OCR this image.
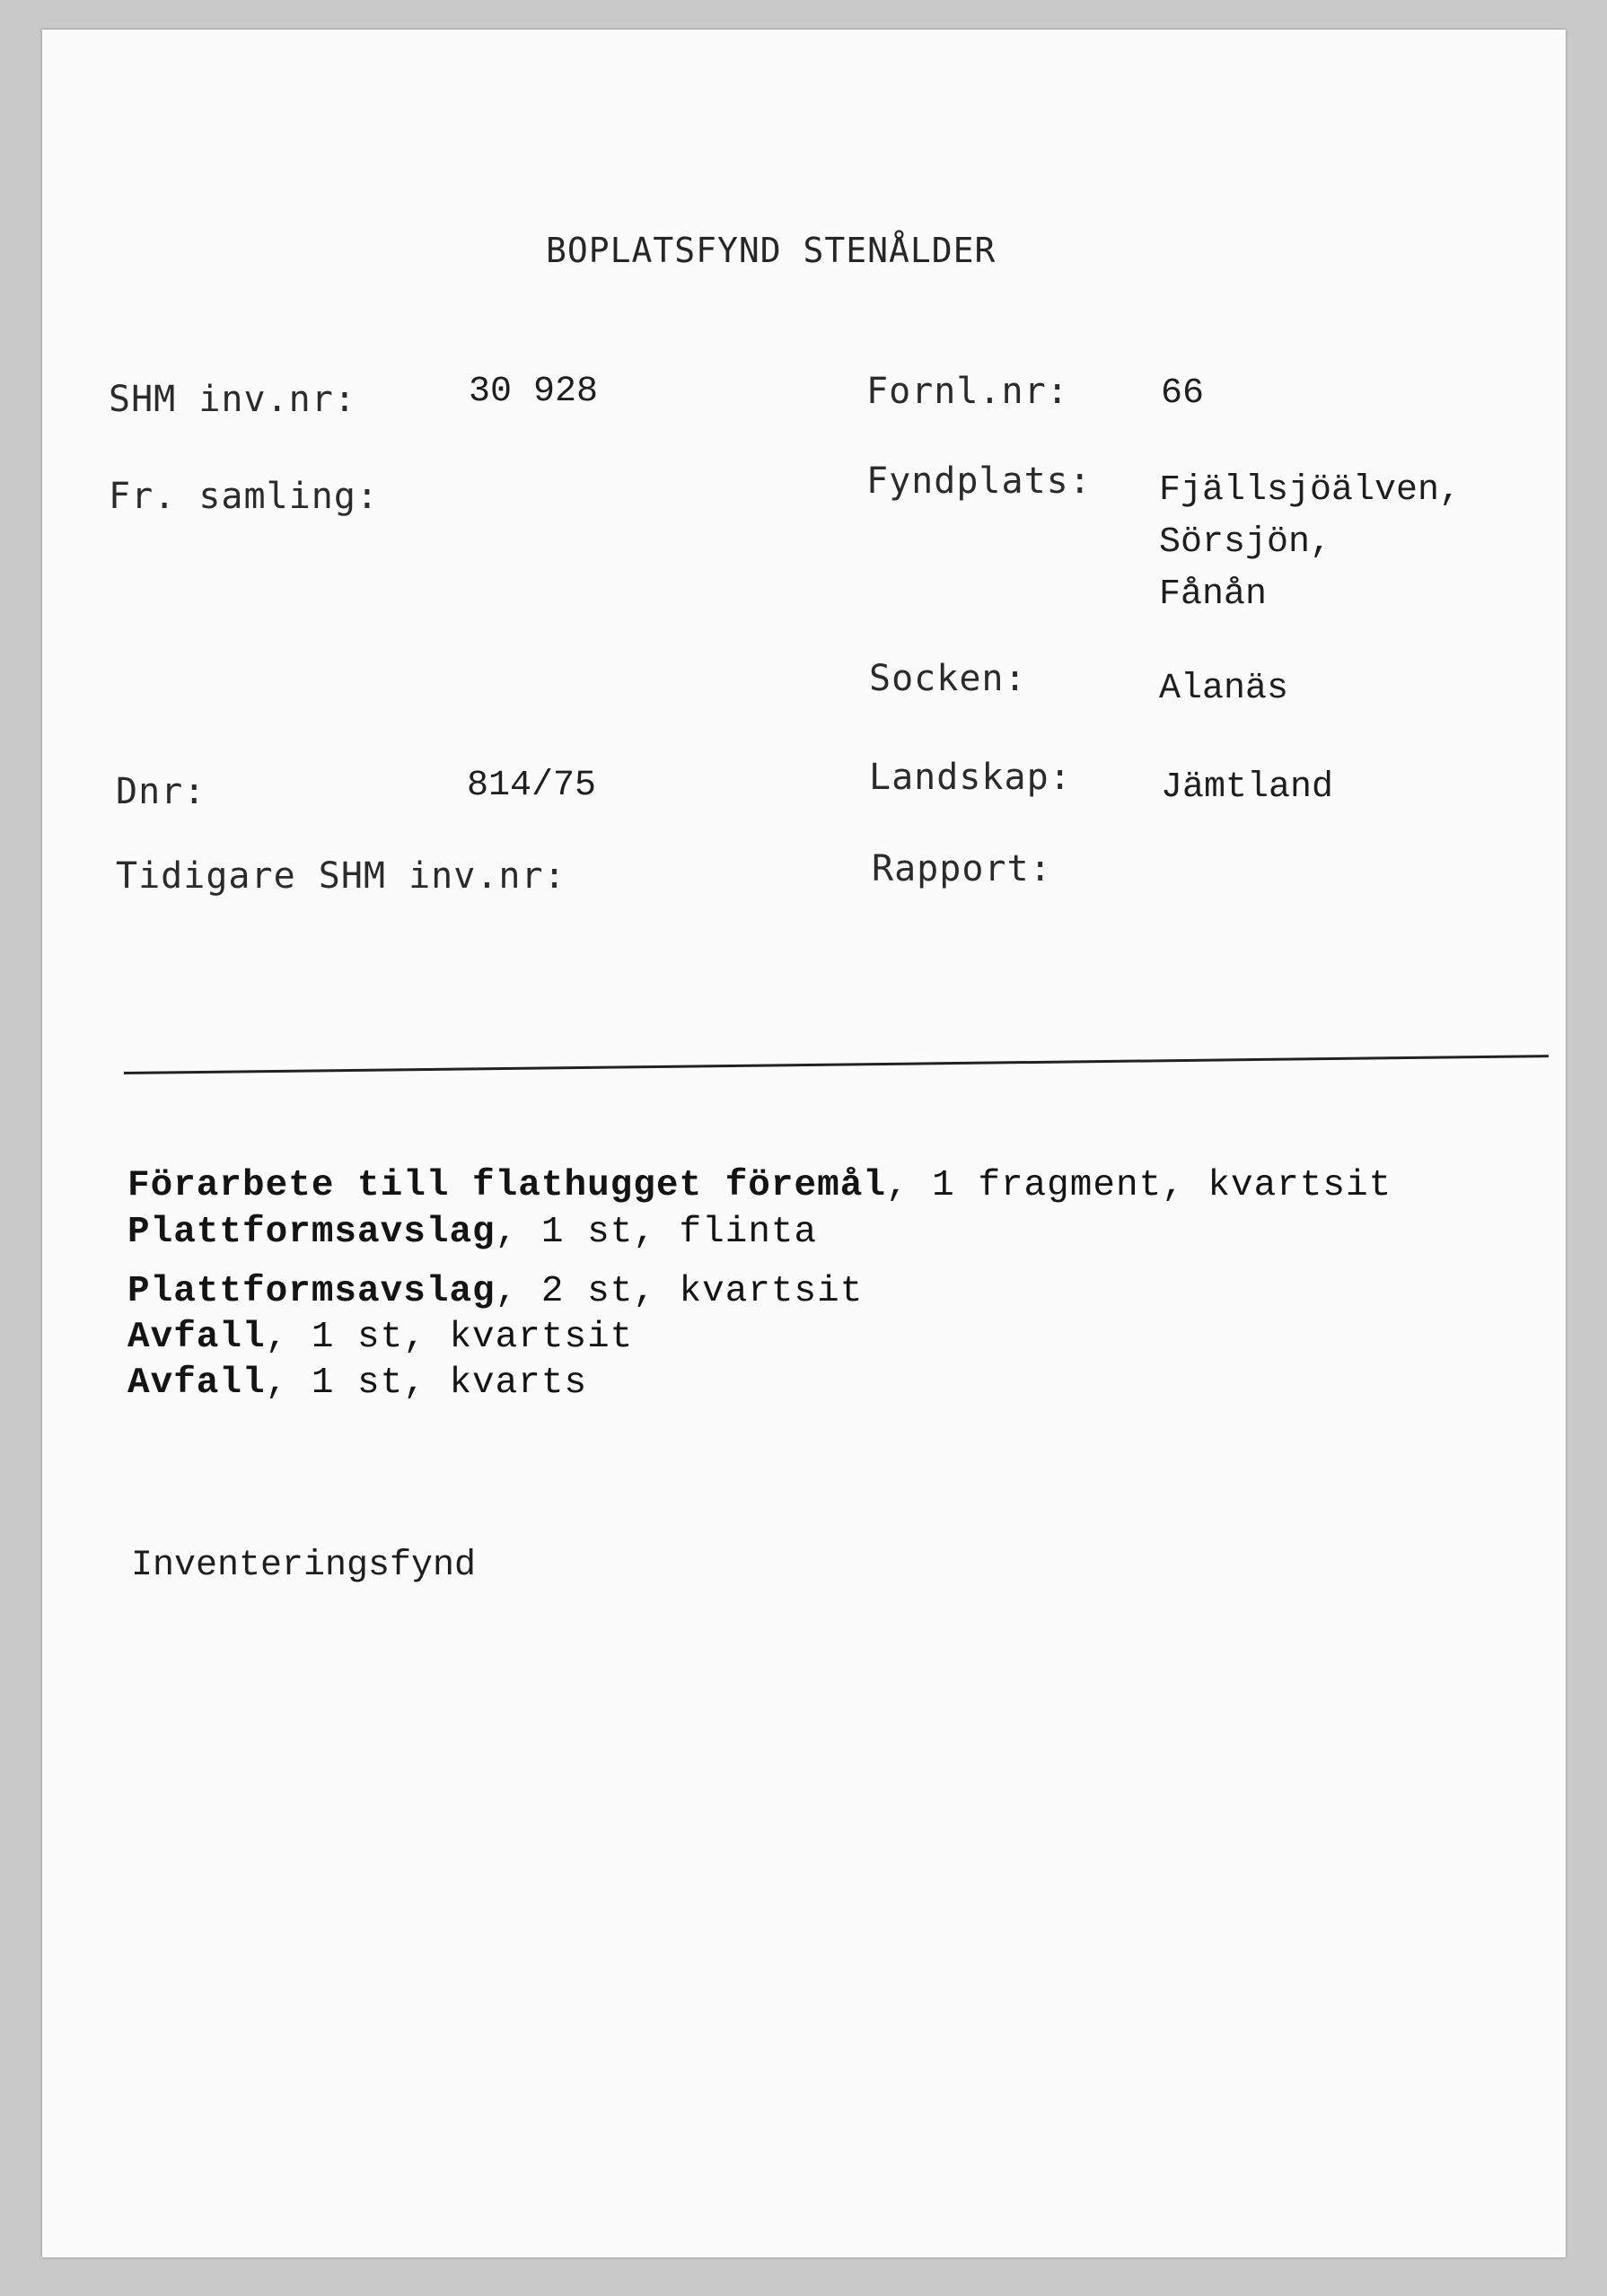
BOPLATSFYND STENÅLDER
SHM inv.nr:	30 928
Fr. samling:
Dnr:	814/75
Tidigare SHM inv.nr:
Fornl.nr:	66
Fyndplats: Fjällsjöälven,
Sörsjön,
Fånån
Socken:	Alanäs
Landskap: Jämtland
Rapport:
Förarbete till flathugget föremål, 1 fragment, kvartsit
Plattformsavslag, 1 st, flinta
Plattformsavslag, 2 st, kvartsit
Avfall, 1 st, kvartsit
Avfall, 1 st, kvarts
Inventeringsfynd
